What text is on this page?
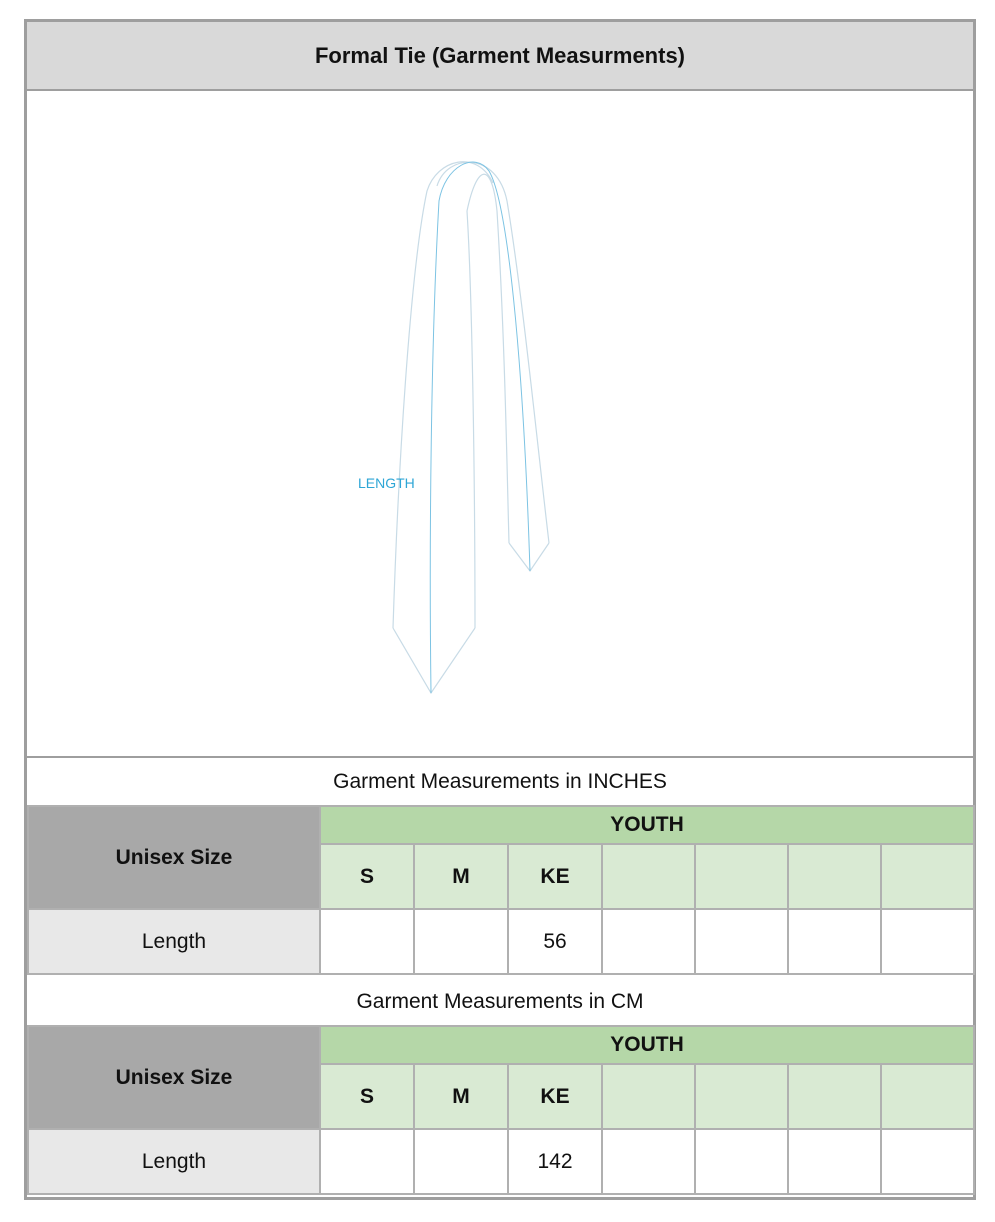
Formal Tie (Garment Measurments)
LENGTH
Garment Measurements in INCHES
Unisex Size	YOUTH						
	S	M	KE				
Length			56				
Garment Measurements in CM
Unisex Size	YOUTH						
	S	M	KE				
Length			142				
